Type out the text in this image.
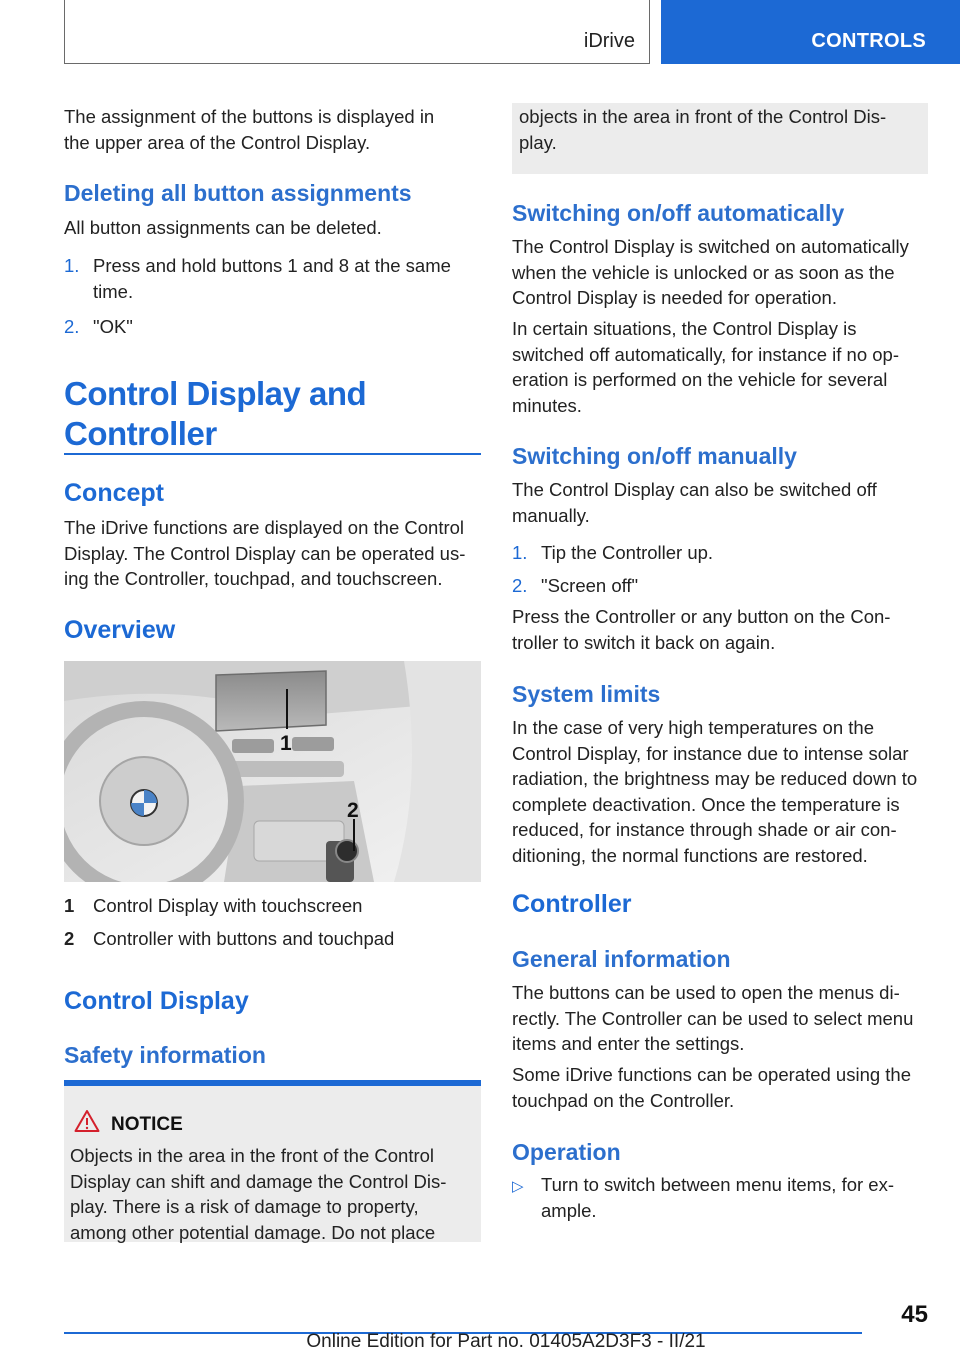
iDrive	CONTROLS

The assignment of the buttons is displayed in the upper area of the Control Display.

Deleting all button assignments

All button assignments can be deleted.

1. Press and hold buttons 1 and 8 at the same time.
2. "OK"
Control Display and Controller
Concept

The iDrive functions are displayed on the Control Display. The Control Display can be operated us-ing the Controller, touchpad, and touchscreen.

Overview
1
2
1 Control Display with touchscreen
2 Controller with buttons and touchpad
Control Display
Safety information
NOTICE

Objects in the area in the front of the Control Display can shift and damage the Control Dis-play. There is a risk of damage to property, among other potential damage. Do not place

objects in the area in front of the Control Dis-play.

Switching on/off automatically

The Control Display is switched on automatically when the vehicle is unlocked or as soon as the Control Display is needed for operation.

In certain situations, the Control Display is switched off automatically, for instance if no op-eration is performed on the vehicle for several minutes.

Switching on/off manually

The Control Display can also be switched off manually.

1. Tip the Controller up.
2. "Screen off"

Press the Controller or any button on the Con-troller to switch it back on again.

System limits

In the case of very high temperatures on the Control Display, for instance due to intense solar radiation, the brightness may be reduced down to complete deactivation. Once the temperature is reduced, for instance through shade or air con-ditioning, the normal functions are restored.

Controller
General information

The buttons can be used to open the menus di-rectly. The Controller can be used to select menu items and enter the settings.

Some iDrive functions can be operated using the touchpad on the Controller.

Operation
▷ Turn to switch between menu items, for ex-ample.
45
Online Edition for Part no. 01405A2D3F3 - II/21
